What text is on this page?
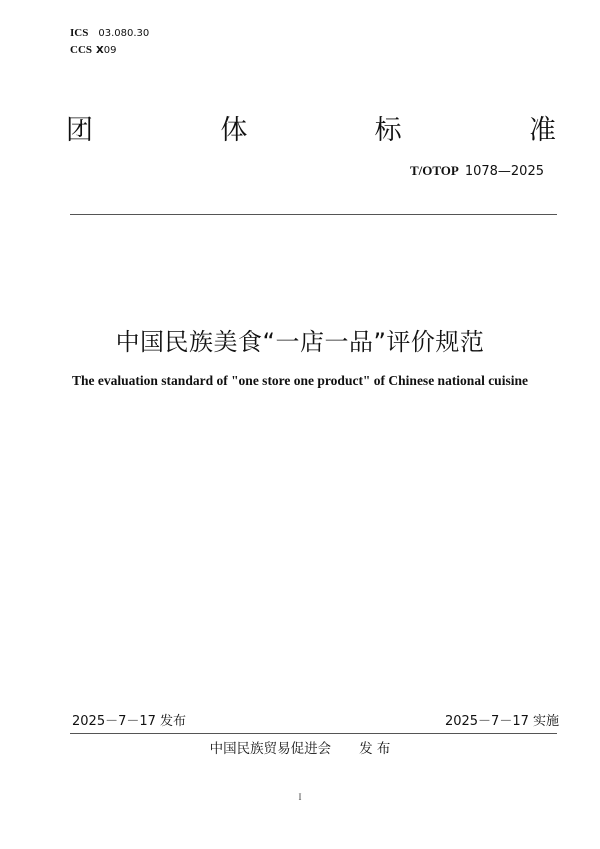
ICS 03.080.30
CCS X09
团	体	标	准
T/OTOP 1078—2025
中国民族美食“一店一品”评价规范
The evaluation standard of "one store one product" of Chinese national cuisine
2025－7－17 发布	2025－7－17 实施
中国民族贸易促进会 发 布
I
